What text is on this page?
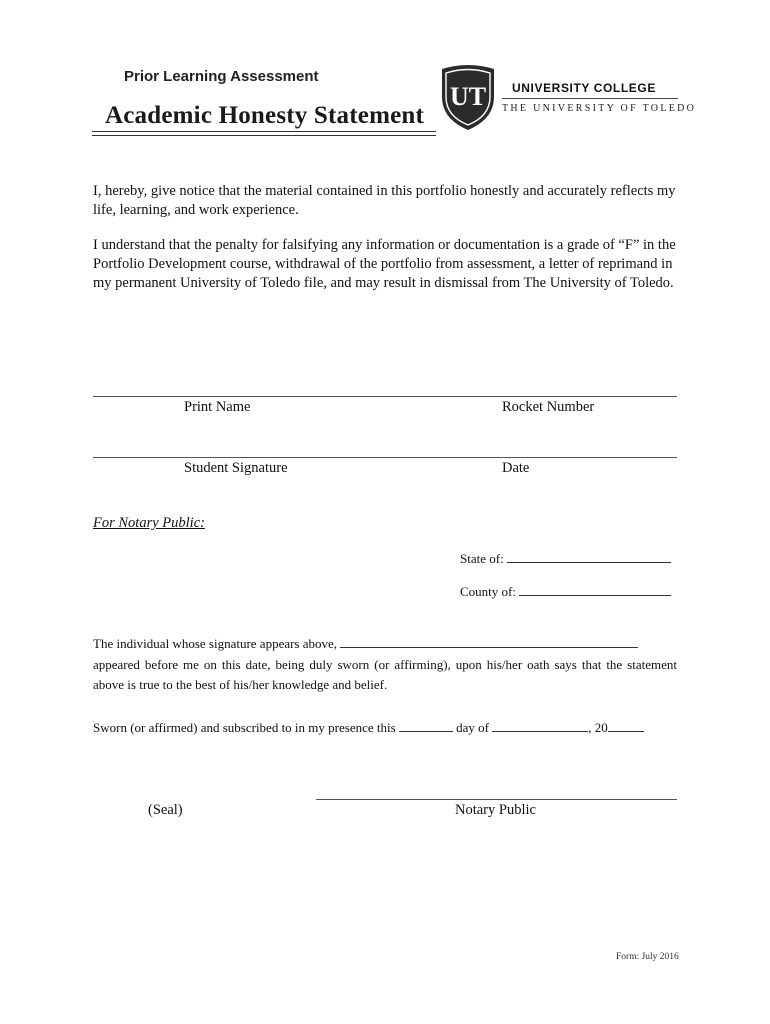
Prior Learning Assessment
Academic Honesty Statement
UT UNIVERSITY COLLEGE
THE UNIVERSITY OF TOLEDO
I, hereby, give notice that the material contained in this portfolio honestly and accurately reflects my life, learning, and work experience.
I understand that the penalty for falsifying any information or documentation is a grade of “F” in the Portfolio Development course, withdrawal of the portfolio from assessment, a letter of reprimand in my permanent University of Toledo file, and may result in dismissal from The University of Toledo.
Print Name	Rocket Number
Student Signature	Date
For Notary Public:
State of:
County of:
The individual whose signature appears above,
appeared before me on this date, being duly sworn (or affirming), upon his/her oath says that the statement above is true to the best of his/her knowledge and belief.
Sworn (or affirmed) and subscribed to in my presence this	day of	, 20
(Seal)	Notary Public
Form: July 2016
